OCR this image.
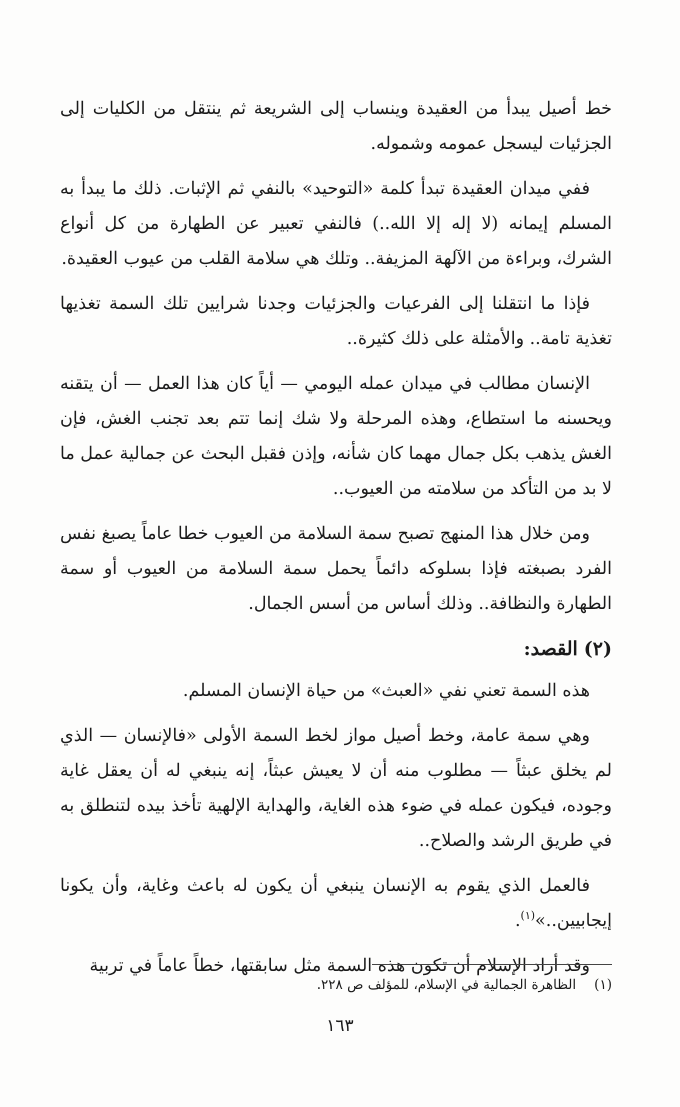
خط أصيل يبدأ من العقيدة وينساب إلى الشريعة ثم ينتقل من الكليات إلى الجزئيات ليسجل عمومه وشموله.

ففي ميدان العقيدة تبدأ كلمة «التوحيد» بالنفي ثم الإثبات. ذلك ما يبدأ به المسلم إيمانه (لا إله إلا الله..) فالنفي تعبير عن الطهارة من كل أنواع الشرك، وبراءة من الآلهة المزيفة.. وتلك هي سلامة القلب من عيوب العقيدة.

فإذا ما انتقلنا إلى الفرعيات والجزئيات وجدنا شرايين تلك السمة تغذيها تغذية تامة.. والأمثلة على ذلك كثيرة..

الإنسان مطالب في ميدان عمله اليومي — أياً كان هذا العمل — أن يتقنه ويحسنه ما استطاع، وهذه المرحلة ولا شك إنما تتم بعد تجنب الغش، فإن الغش يذهب بكل جمال مهما كان شأنه، وإذن فقبل البحث عن جمالية عمل ما لا بد من التأكد من سلامته من العيوب..

ومن خلال هذا المنهج تصبح سمة السلامة من العيوب خطا عاماً يصبغ نفس الفرد بصبغته فإذا بسلوكه دائماً يحمل سمة السلامة من العيوب أو سمة الطهارة والنظافة.. وذلك أساس من أسس الجمال.

(٢)القصد:

هذه السمة تعني نفي «العبث» من حياة الإنسان المسلم.

وهي سمة عامة، وخط أصيل مواز لخط السمة الأولى «فالإنسان — الذي لم يخلق عبثاً — مطلوب منه أن لا يعيش عبثاً، إنه ينبغي له أن يعقل غاية وجوده، فيكون عمله في ضوء هذه الغاية، والهداية الإلهية تأخذ بيده لتنطلق به في طريق الرشد والصلاح..

فالعمل الذي يقوم به الإنسان ينبغي أن يكون له باعث وغاية، وأن يكونا إيجابيين..»$^{(١)}$.

وقد أراد الإسلام أن تكون هذه السمة مثل سابقتها، خطاً عاماً في تربية

(١)الظاهرة الجمالية في الإسلام، للمؤلف ص ٢٢٨.
١٦٣
